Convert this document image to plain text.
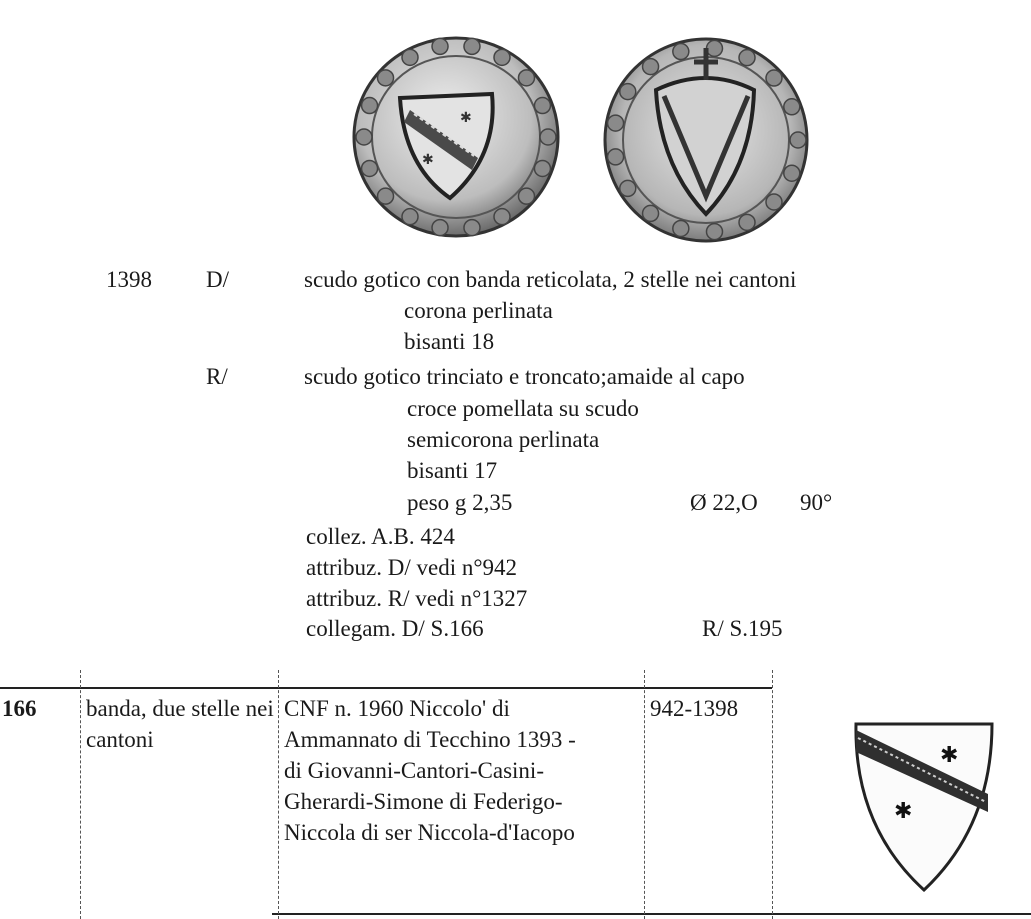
✱
✱
1398 D/	scudo gotico con banda reticolata, 2 stelle nei cantoni
corona perlinata
bisanti 18
R/	scudo gotico trinciato e troncato;amaide al capo
croce pomellata su scudo
semicorona perlinata
bisanti 17
peso g 2,35	Ø 22,O 90°
collez. A.B. 424
attribuz. D/ vedi n°942
attribuz. R/ vedi n°1327
collegam. D/ S.166	R/ S.195
166 banda, due stelle nei cantoni
CNF n. 1960 Niccolo' di
Ammannato di Tecchino 1393 -
di Giovanni-Cantori-Casini-
Gherardi-Simone di Federigo-
Niccola di ser Niccola-d'Iacopo
942-1398
✱
✱
